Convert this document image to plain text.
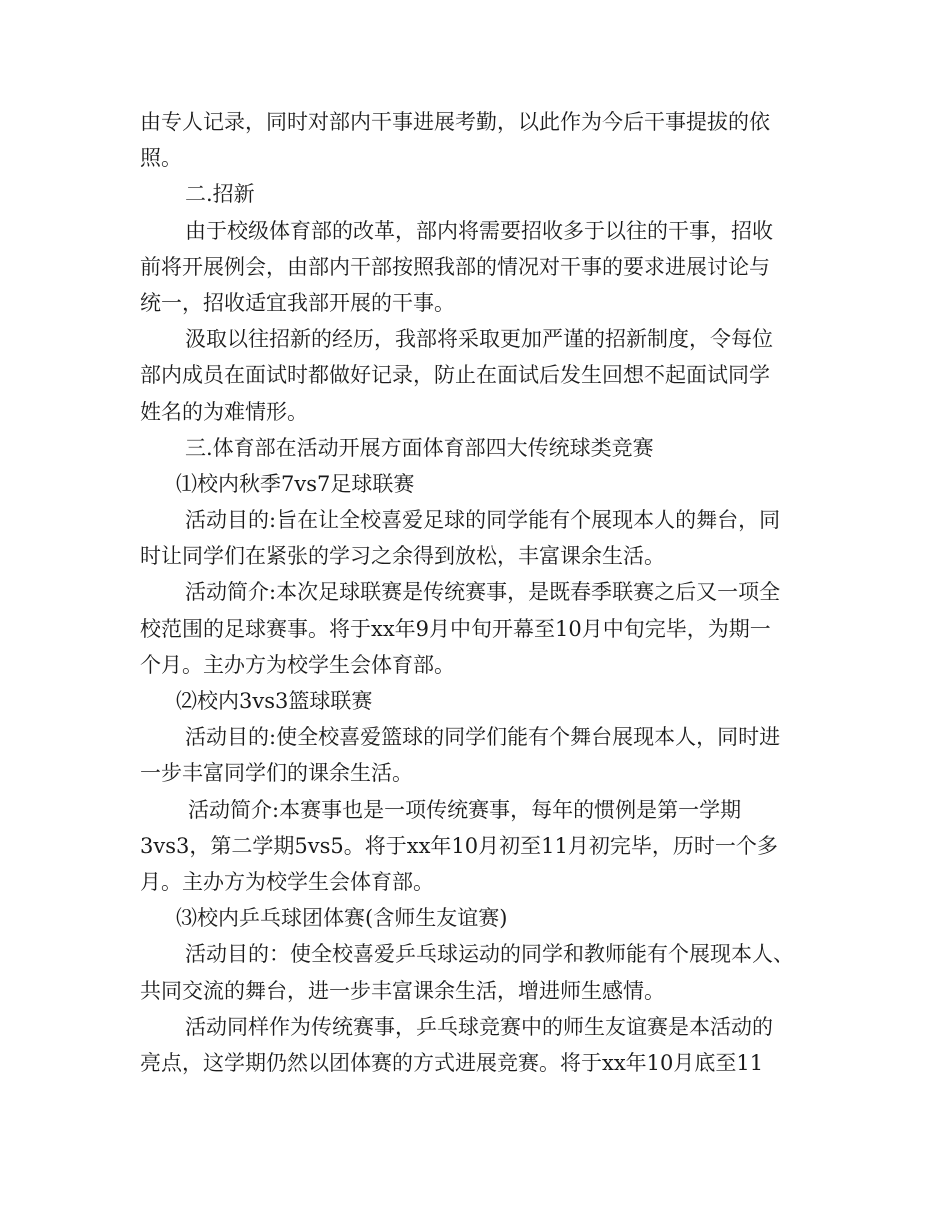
由专人记录，同时对部内干事进展考勤，以此作为今后干事提拔的依
照。
二.招新
由于校级体育部的改革，部内将需要招收多于以往的干事，招收
前将开展例会，由部内干部按照我部的情况对干事的要求进展讨论与
统一，招收适宜我部开展的干事。
汲取以往招新的经历，我部将采取更加严谨的招新制度，令每位
部内成员在面试时都做好记录，防止在面试后发生回想不起面试同学
姓名的为难情形。
三.体育部在活动开展方面体育部四大传统球类竞赛
⑴校内秋季7vs7足球联赛
活动目的:旨在让全校喜爱足球的同学能有个展现本人的舞台，同
时让同学们在紧张的学习之余得到放松，丰富课余生活。
活动简介:本次足球联赛是传统赛事，是既春季联赛之后又一项全
校范围的足球赛事。将于xx年9月中旬开幕至10月中旬完毕，为期一
个月。主办方为校学生会体育部。
⑵校内3vs3篮球联赛
活动目的:使全校喜爱篮球的同学们能有个舞台展现本人，同时进
一步丰富同学们的课余生活。
活动简介:本赛事也是一项传统赛事，每年的惯例是第一学期
3vs3，第二学期5vs5。将于xx年10月初至11月初完毕，历时一个多
月。主办方为校学生会体育部。
⑶校内乒乓球团体赛(含师生友谊赛)
活动目的：使全校喜爱乒乓球运动的同学和教师能有个展现本人、
共同交流的舞台，进一步丰富课余生活，增进师生感情。
活动同样作为传统赛事，乒乓球竞赛中的师生友谊赛是本活动的
亮点，这学期仍然以团体赛的方式进展竞赛。将于xx年10月底至11
